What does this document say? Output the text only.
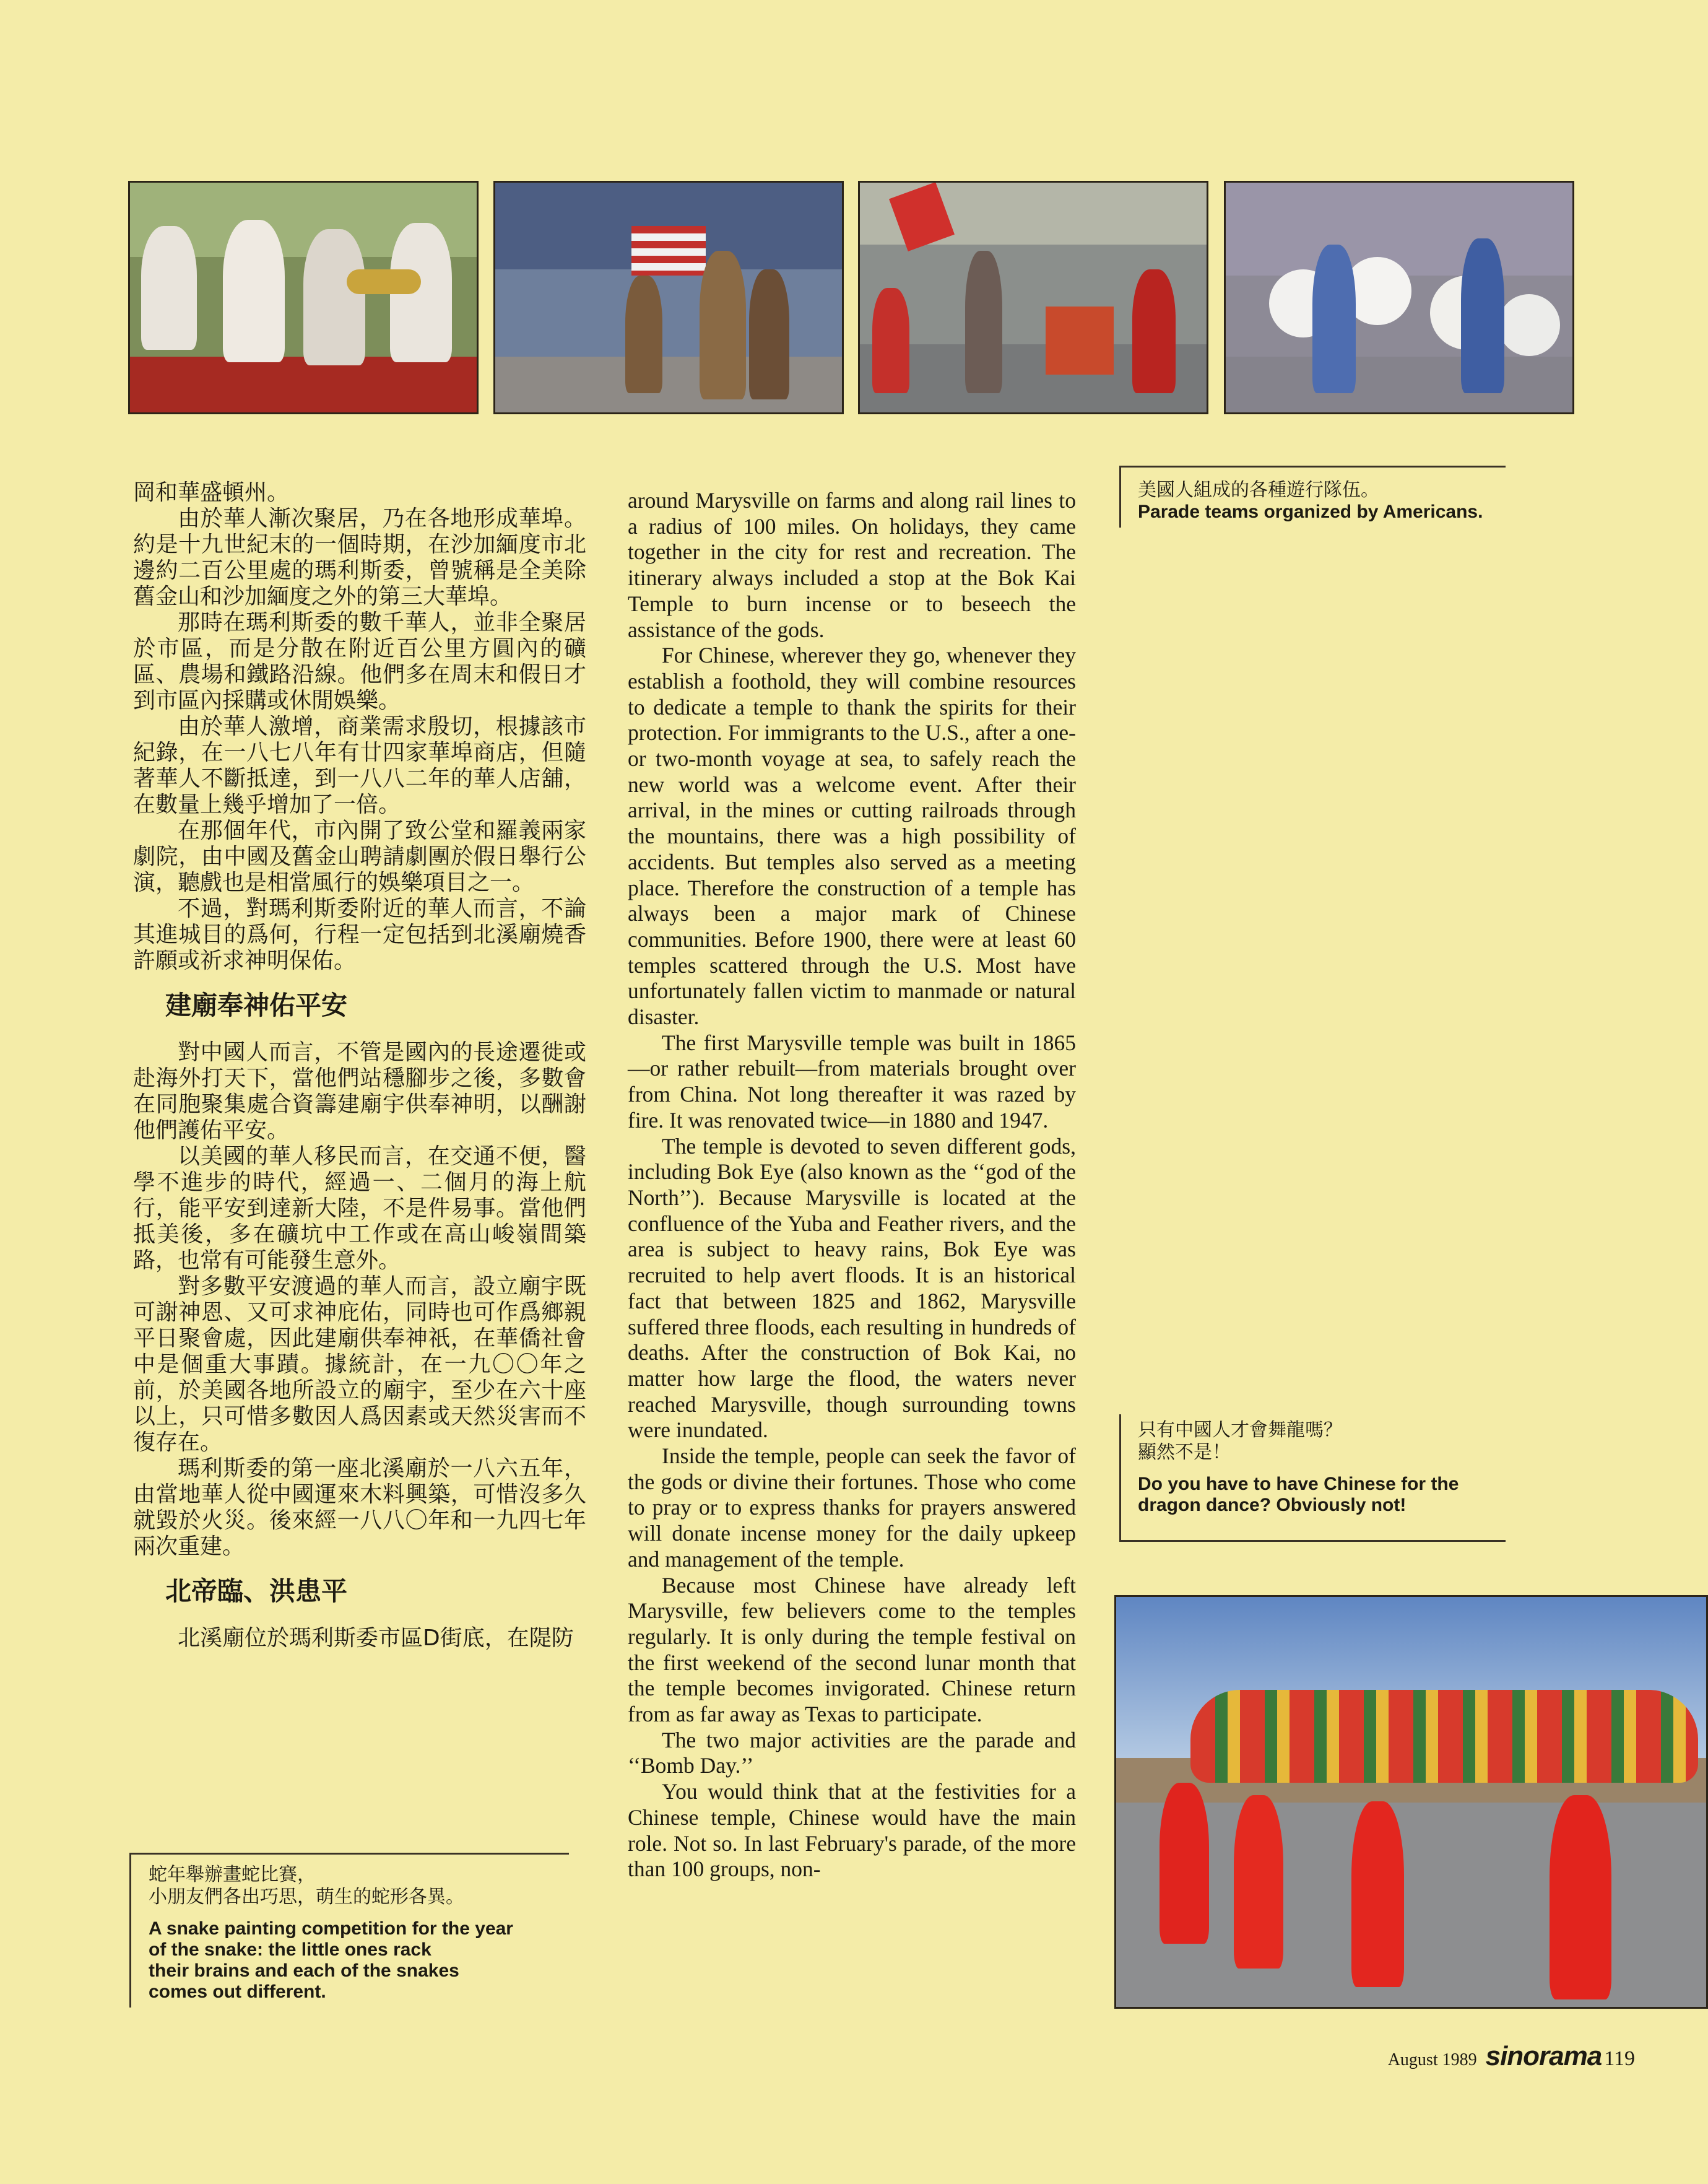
美國人組成的各種遊行隊伍。
Parade teams organized by Americans.

岡和華盛頓州。

由於華人漸次聚居，乃在各地形成華埠。約是十九世紀末的一個時期，在沙加緬度市北邊約二百公里處的瑪利斯委，曾號稱是全美除舊金山和沙加緬度之外的第三大華埠。

那時在瑪利斯委的數千華人，並非全聚居於市區，而是分散在附近百公里方圓內的礦區、農場和鐵路沿線。他們多在周末和假日才到市區內採購或休閒娛樂。

由於華人激增，商業需求殷切，根據該市紀錄，在一八七八年有廿四家華埠商店，但隨著華人不斷抵達，到一八八二年的華人店舖，在數量上幾乎增加了一倍。

在那個年代，市內開了致公堂和羅義兩家劇院，由中國及舊金山聘請劇團於假日舉行公演，聽戲也是相當風行的娛樂項目之一。

不過，對瑪利斯委附近的華人而言，不論其進城目的爲何，行程一定包括到北溪廟燒香許願或祈求神明保佑。

建廟奉神佑平安

對中國人而言，不管是國內的長途遷徙或赴海外打天下，當他們站穩腳步之後，多數會在同胞聚集處合資籌建廟宇供奉神明，以酬謝他們護佑平安。

以美國的華人移民而言，在交通不便，醫學不進步的時代，經過一、二個月的海上航行，能平安到達新大陸，不是件易事。當他們抵美後，多在礦坑中工作或在高山峻嶺間築路，也常有可能發生意外。

對多數平安渡過的華人而言，設立廟宇既可謝神恩、又可求神庇佑，同時也可作爲鄉親平日聚會處，因此建廟供奉神祇，在華僑社會中是個重大事蹟。據統計，在一九〇〇年之前，於美國各地所設立的廟宇，至少在六十座以上，只可惜多數因人爲因素或天然災害而不復存在。

瑪利斯委的第一座北溪廟於一八六五年，由當地華人從中國運來木料興築，可惜沒多久就毀於火災。後來經一八八〇年和一九四七年兩次重建。

北帝臨、洪患平

北溪廟位於瑪利斯委市區D街底，在隄防

蛇年舉辦畫蛇比賽，
小朋友們各出巧思，萌生的蛇形各異。
A snake painting competition for the year
of the snake: the little ones rack
their brains and each of the snakes
comes out different.

around Marysville on farms and along rail lines to a radius of 100 miles. On holidays, they came together in the city for rest and recreation. The itinerary always included a stop at the Bok Kai Temple to burn incense or to beseech the assistance of the gods.

For Chinese, wherever they go, whenever they establish a foothold, they will combine resources to dedicate a temple to thank the spirits for their protection. For immigrants to the U.S., after a one- or two-month voyage at sea, to safely reach the new world was a welcome event. After their arrival, in the mines or cutting railroads through the mountains, there was a high possibility of accidents. But temples also served as a meeting place. Therefore the construction of a temple has always been a major mark of Chinese communities. Before 1900, there were at least 60 temples scattered through the U.S. Most have unfortunately fallen victim to manmade or natural disaster.

The first Marysville temple was built in 1865—or rather rebuilt—from materials brought over from China. Not long thereafter it was razed by fire. It was renovated twice—in 1880 and 1947.

The temple is devoted to seven different gods, including Bok Eye (also known as the ‘‘god of the North’’). Because Marysville is located at the confluence of the Yuba and Feather rivers, and the area is subject to heavy rains, Bok Eye was recruited to help avert floods. It is an historical fact that between 1825 and 1862, Marysville suffered three floods, each resulting in hundreds of deaths. After the construction of Bok Kai, no matter how large the flood, the waters never reached Marysville, though surrounding towns were inundated.

Inside the temple, people can seek the favor of the gods or divine their fortunes. Those who come to pray or to express thanks for prayers answered will donate incense money for the daily upkeep and management of the temple.

Because most Chinese have already left Marysville, few believers come to the temples regularly. It is only during the temple festival on the first weekend of the second lunar month that the temple becomes invigorated. Chinese return from as far away as Texas to participate.

The two major activities are the parade and ‘‘Bomb Day.’’

You would think that at the festivities for a Chinese temple, Chinese would have the main role. Not so. In last February's parade, of the more than 100 groups, non-

只有中國人才會舞龍嗎？
顯然不是！
Do you have to have Chinese for the
dragon dance? Obviously not!
August 1989 sinorama 119
